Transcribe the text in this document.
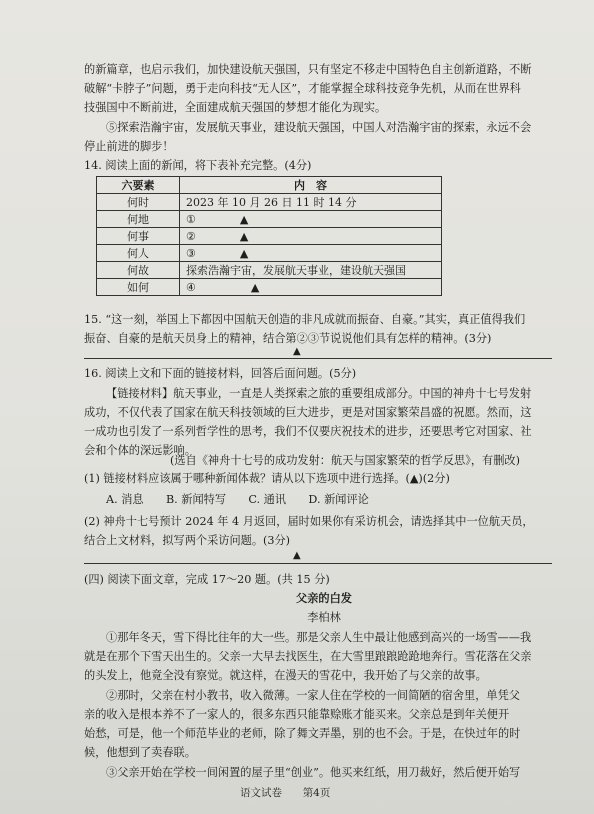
的新篇章，也启示我们，加快建设航天强国，只有坚定不移走中国特色自主创新道路，不断
破解“卡脖子”问题，勇于走向科技“无人区”，才能掌握全球科技竞争先机，从而在世界科
技强国中不断前进，全面建成航天强国的梦想才能化为现实。
⑤探索浩瀚宇宙，发展航天事业，建设航天强国，中国人对浩瀚宇宙的探索，永远不会
停止前进的脚步！
14. 阅读上面的新闻，将下表补充完整。(4分)
六要素	内　容
何时	2023 年 10 月 26 日 11 时 14 分
何地	①　　　　▲
何事	②　　　　▲
何人	③　　　　▲
何故	探索浩瀚宇宙，发展航天事业，建设航天强国
如何	④　　　　　▲
15. “这一刻，举国上下都因中国航天创造的非凡成就而振奋、自豪。”其实，真正值得我们
振奋、自豪的是航天员身上的精神，结合第②③节说说他们具有怎样的精神。(3分)
▲
16. 阅读上文和下面的链接材料，回答后面问题。(5分)
【链接材料】航天事业，一直是人类探索之旅的重要组成部分。中国的神舟十七号发射
成功，不仅代表了国家在航天科技领域的巨大进步，更是对国家繁荣昌盛的祝愿。然而，这
一成功也引发了一系列哲学性的思考，我们不仅要庆祝技术的进步，还要思考它对国家、社
会和个体的深远影响。
(选自《神舟十七号的成功发射：航天与国家繁荣的哲学反思》，有删改)
(1) 链接材料应该属于哪种新闻体裁？请从以下选项中进行选择。(▲)(2分)
A. 消息　　B. 新闻特写　　C. 通讯　　D. 新闻评论
(2) 神舟十七号预计 2024 年 4 月返回，届时如果你有采访机会，请选择其中一位航天员，
结合上文材料，拟写两个采访问题。(3分)
▲
(四) 阅读下面文章，完成 17～20 题。(共 15 分)
父亲的白发
李柏林
①那年冬天，雪下得比往年的大一些。那是父亲人生中最让他感到高兴的一场雪——我
就是在那个下雪天出生的。父亲一大早去找医生，在大雪里踉踉跄跄地奔行。雪花落在父亲
的头发上，他竟全没有察觉。就这样，在漫天的雪花中，我开始了与父亲的故事。
②那时，父亲在村小教书，收入微薄。一家人住在学校的一间简陋的宿舍里，单凭父
亲的收入是根本养不了一家人的，很多东西只能靠赊账才能买来。父亲总是到年关便开
始愁，可是，他一个师范毕业的老师，除了舞文弄墨，别的也不会。于是，在快过年的时
候，他想到了卖春联。
③父亲开始在学校一间闲置的屋子里“创业”。他买来红纸，用刀裁好，然后便开始写
语文试卷 第4页
